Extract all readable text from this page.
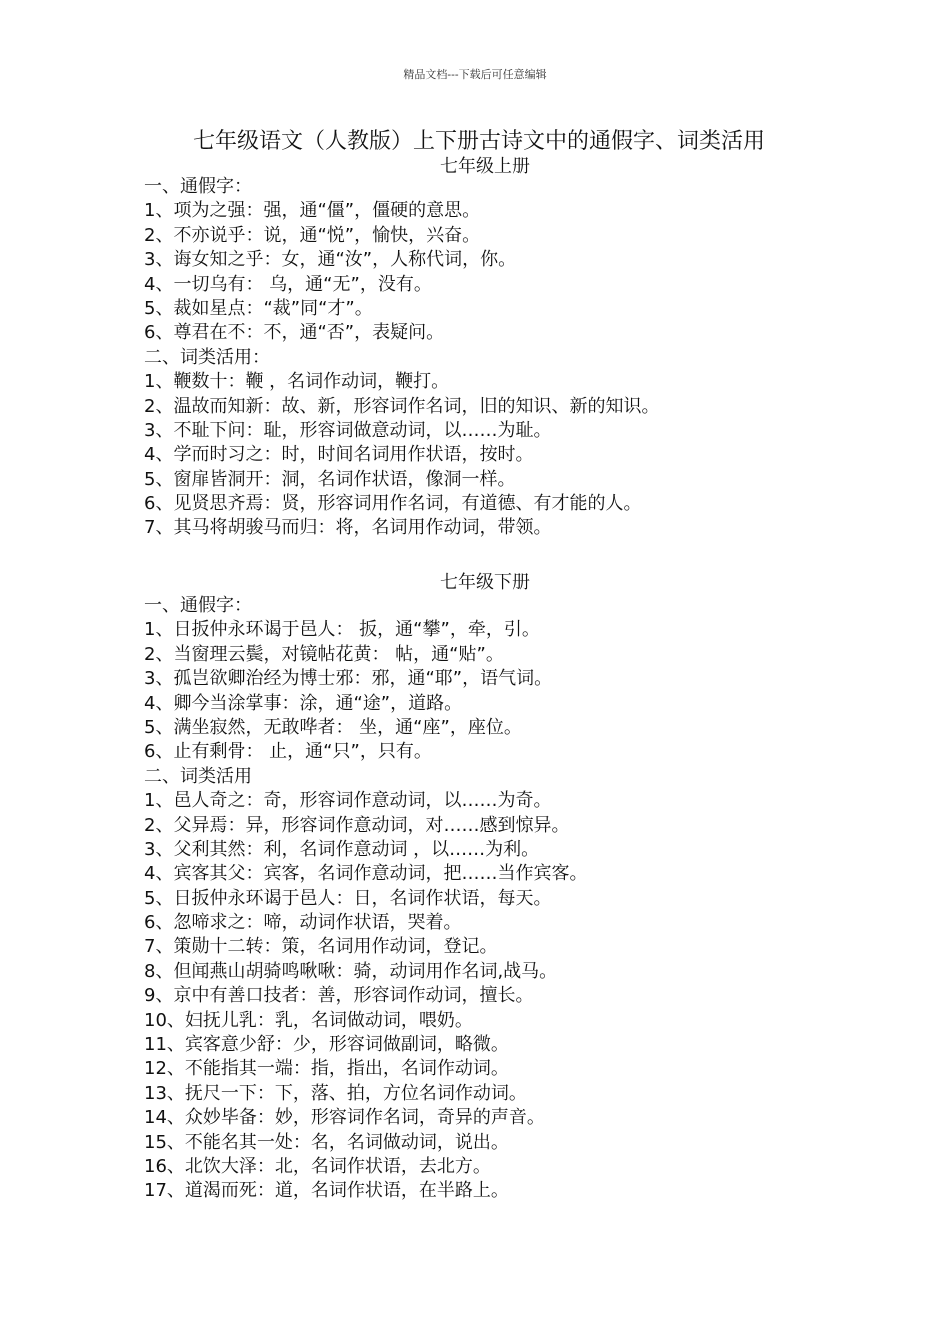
精品文档---下载后可任意编辑
七年级语文（人教版）上下册古诗文中的通假字、词类活用
七年级上册
一、通假字：
1、项为之强：强，通“僵”，僵硬的意思。
2、不亦说乎：说，通“悦”，愉快，兴奋。
3、诲女知之乎：女，通“汝”，人称代词，你。
4、一切乌有： 乌，通“无”，没有。
5、裁如星点：“裁”同“才”。
6、尊君在不：不，通“否”，表疑问。
二、词类活用：
1、鞭数十：鞭 ，名词作动词，鞭打。
2、温故而知新：故、新，形容词作名词，旧的知识、新的知识。
3、不耻下问：耻，形容词做意动词，以……为耻。
4、学而时习之：时，时间名词用作状语，按时。
5、窗扉皆洞开：洞，名词作状语，像洞一样。
6、见贤思齐焉：贤，形容词用作名词，有道德、有才能的人。
7、其马将胡骏马而归：将，名词用作动词，带领。
七年级下册
一、通假字：
1、日扳仲永环谒于邑人： 扳，通“攀”，牵，引。
2、当窗理云鬓，对镜帖花黄： 帖，通“贴”。
3、孤岂欲卿治经为博士邪：邪，通“耶”，语气词。
4、卿今当涂掌事：涂，通“途”，道路。
5、满坐寂然，无敢哗者： 坐，通“座”，座位。
6、止有剩骨： 止，通“只”，只有。
二、词类活用
1、邑人奇之：奇，形容词作意动词，以……为奇。
2、父异焉：异，形容词作意动词，对……感到惊异。
3、父利其然：利，名词作意动词 ，以……为利。
4、宾客其父：宾客，名词作意动词，把……当作宾客。
5、日扳仲永环谒于邑人：日，名词作状语，每天。
6、忽啼求之：啼，动词作状语，哭着。
7、策勋十二转：策，名词用作动词，登记。
8、但闻燕山胡骑鸣啾啾：骑，动词用作名词,战马。
9、京中有善口技者：善，形容词作动词，擅长。
10、妇抚儿乳：乳，名词做动词，喂奶。
11、宾客意少舒：少，形容词做副词，略微。
12、不能指其一端：指，指出，名词作动词。
13、抚尺一下：下，落、拍，方位名词作动词。
14、众妙毕备：妙，形容词作名词，奇异的声音。
15、不能名其一处：名，名词做动词，说出。
16、北饮大泽：北，名词作状语，去北方。
17、道渴而死：道，名词作状语，在半路上。
